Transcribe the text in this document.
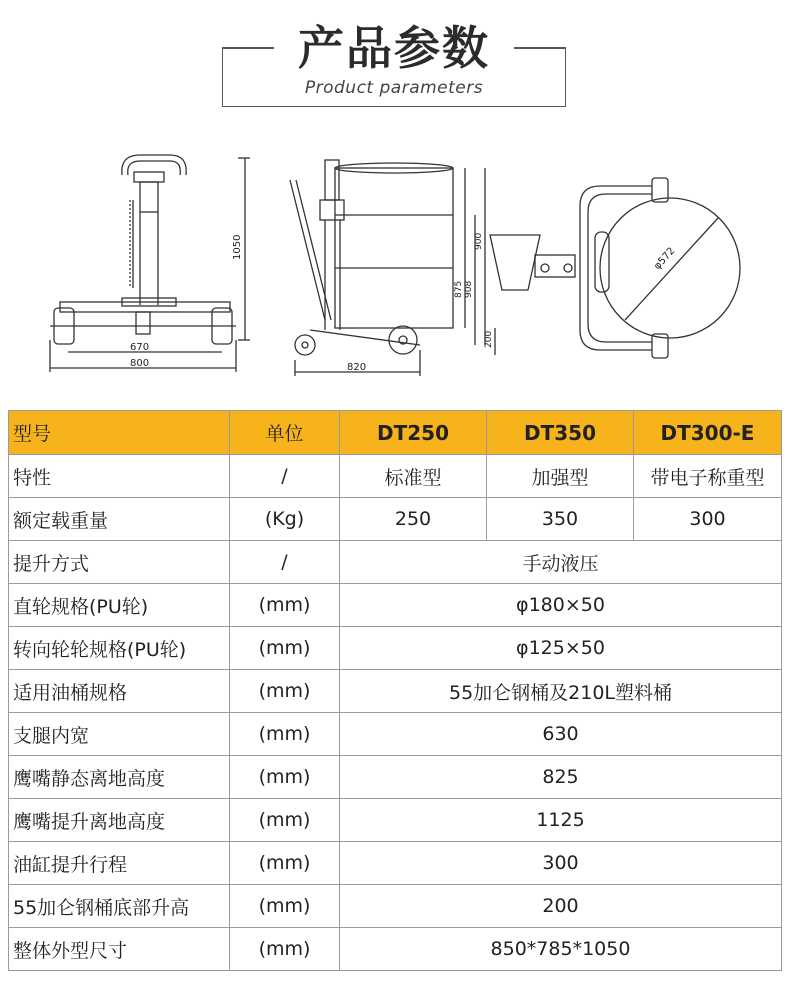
产品参数
Product parameters
670
800
1050
820
875 908
900
200
φ572
型号	单位	DT250	DT350	DT300-E
特性	/	标准型	加强型	带电子称重型
额定载重量	(Kg)	250	350	300
提升方式	/	手动液压		
直轮规格(PU轮)	(mm)	φ180×50		
转向轮轮规格(PU轮)	(mm)	φ125×50		
适用油桶规格	(mm)	55加仑钢桶及210L塑料桶		
支腿内宽	(mm)	630		
鹰嘴静态离地高度	(mm)	825		
鹰嘴提升离地高度	(mm)	1125		
油缸提升行程	(mm)	300		
55加仑钢桶底部升高	(mm)	200		
整体外型尺寸	(mm)	850*785*1050		
